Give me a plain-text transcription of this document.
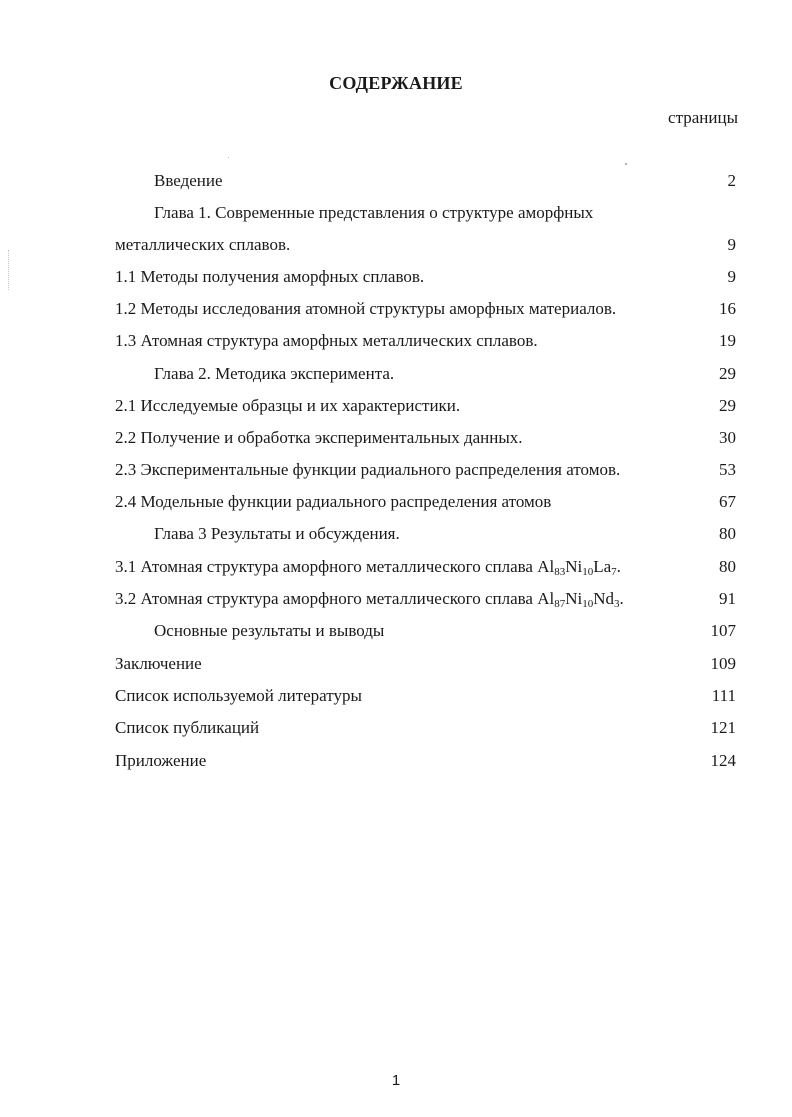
СОДЕРЖАНИЕ
страницы
Введение	2
Глава 1. Современные представления о структуре аморфных
металлических сплавов.	9
1.1 Методы получения аморфных сплавов.	9
1.2 Методы исследования атомной структуры аморфных материалов.	16
1.3 Атомная структура аморфных металлических сплавов.	19
Глава 2. Методика эксперимента.	29
2.1 Исследуемые образцы и их характеристики.	29
2.2 Получение и обработка экспериментальных данных.	30
2.3 Экспериментальные функции радиального распределения атомов.	53
2.4 Модельные функции радиального распределения атомов	67
Глава 3 Результаты и обсуждения.	80
3.1 Атомная структура аморфного металлического сплава $Al_{83}Ni_{10}La_7$.	80
3.2 Атомная структура аморфного металлического сплава $Al_{87}Ni_{10}Nd_3$.	91
Основные результаты и выводы	107
Заключение	109
Список используемой литературы	111
Список публикаций	121
Приложение	124
1
